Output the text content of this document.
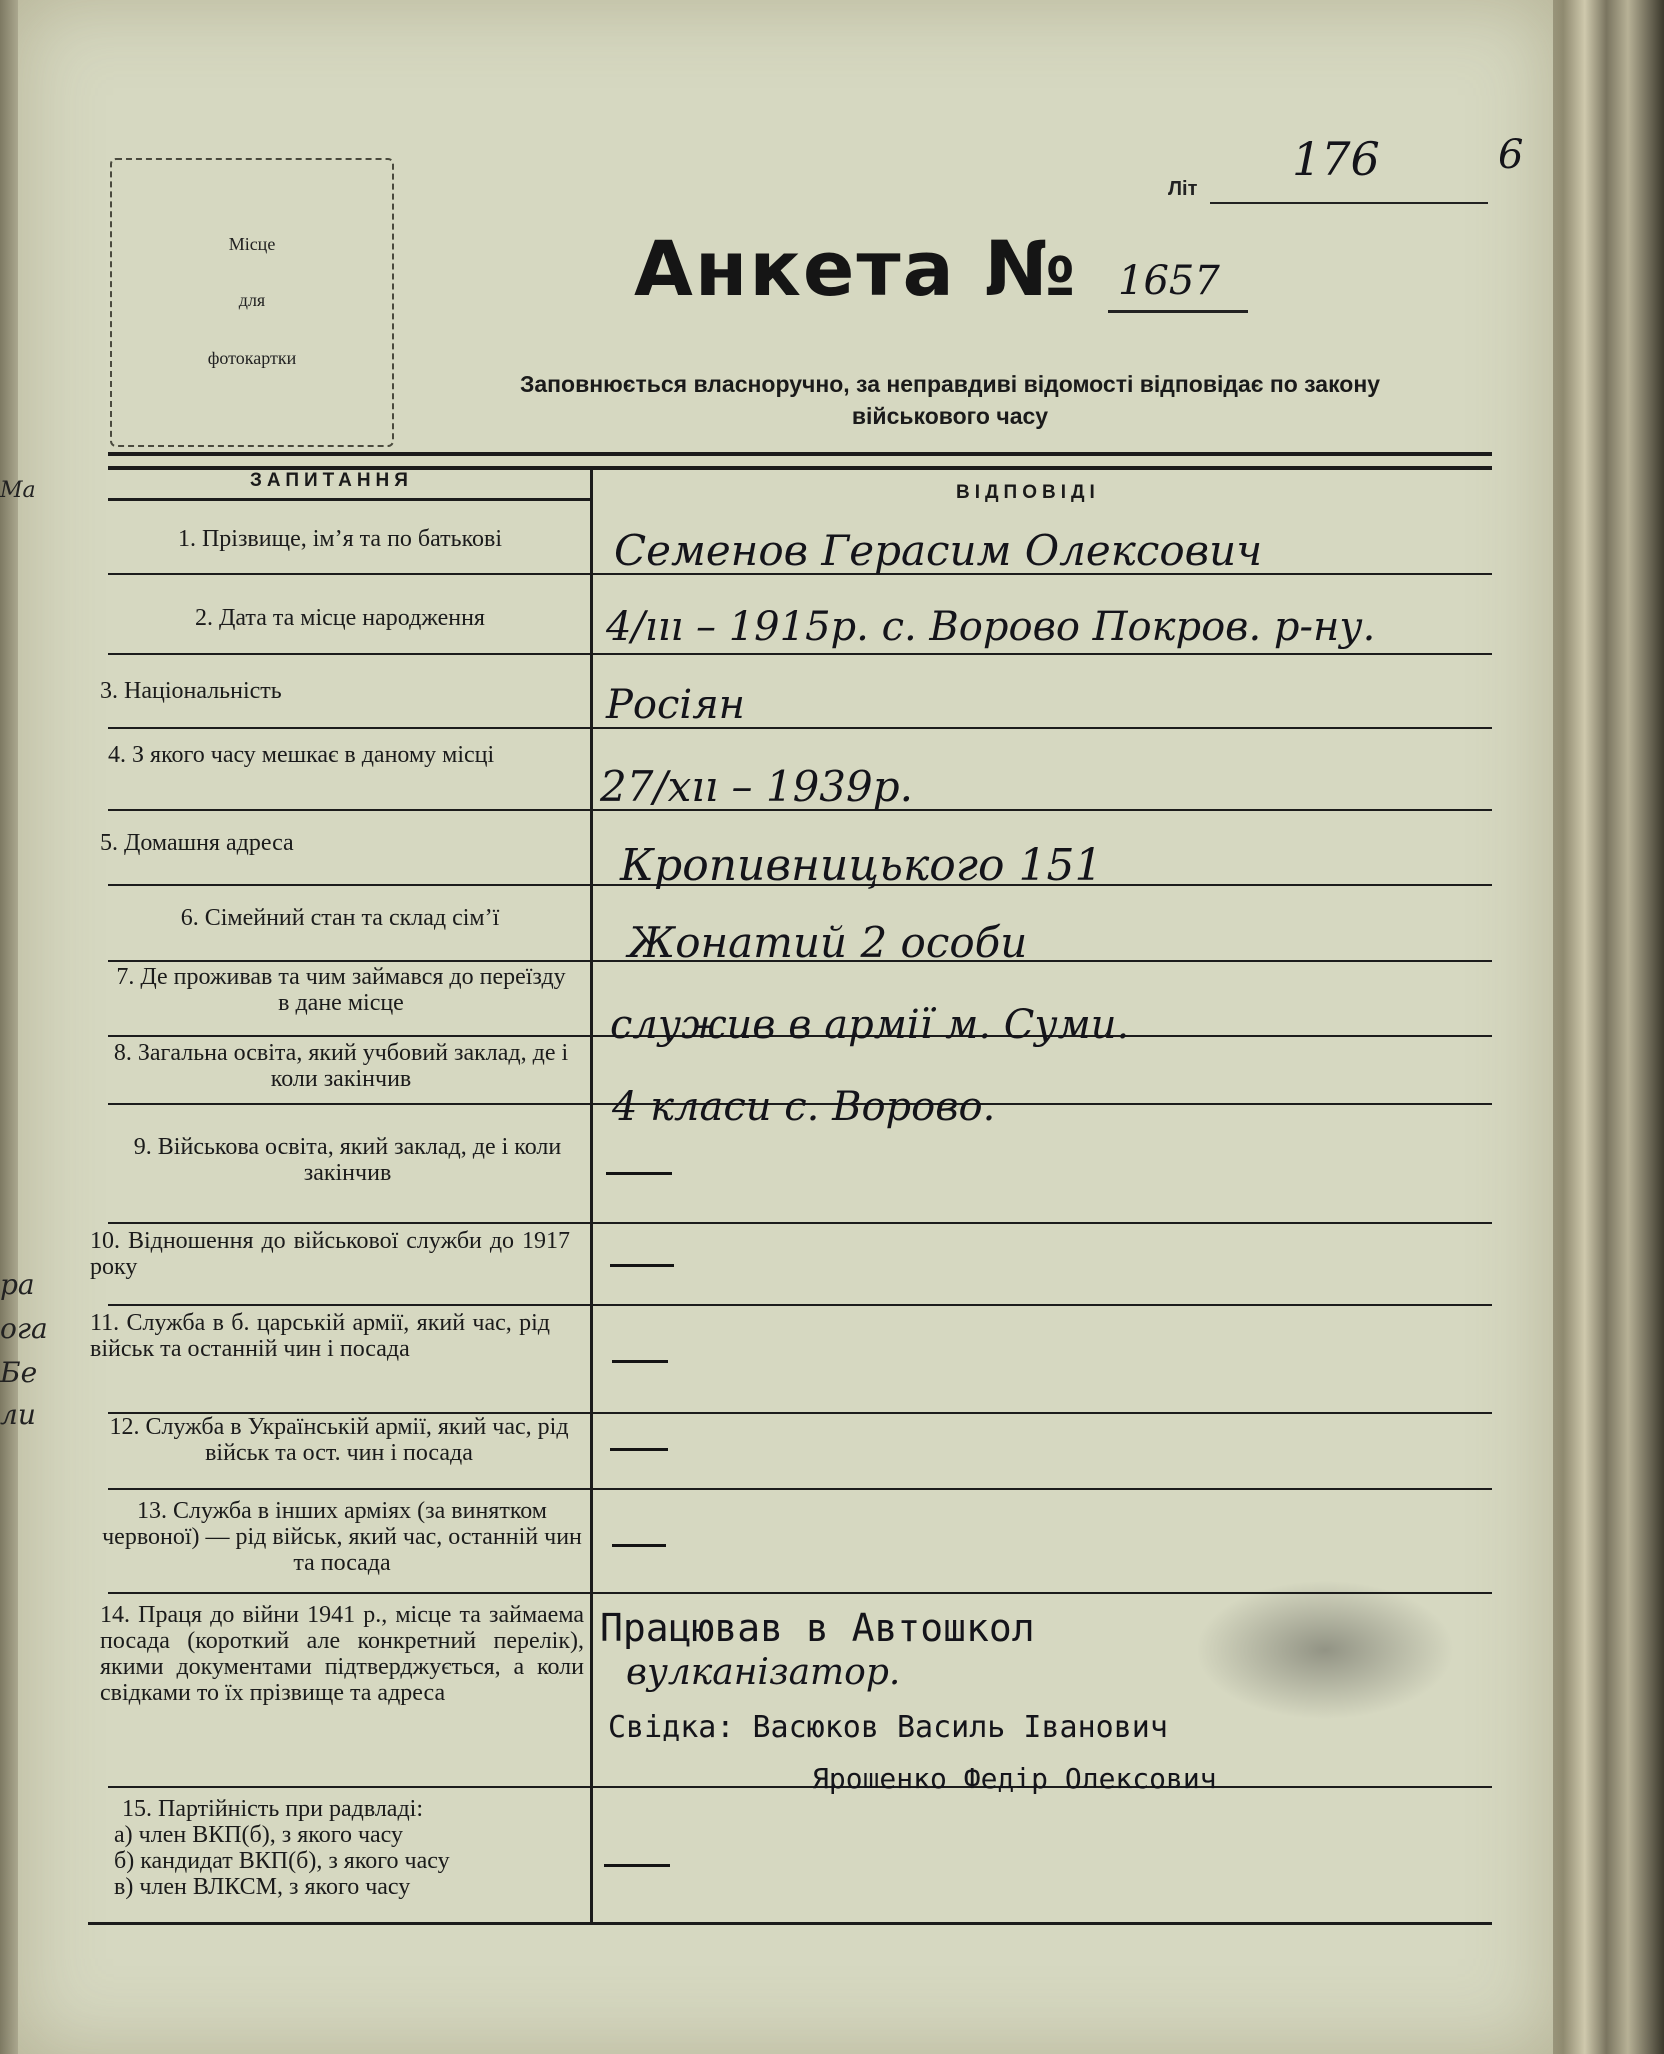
Ма
ра
ога
Бе
ли
Місце
для
фотокартки
Літ
176	6
Анкета № 1657
Заповнюється власноручно, за неправдиві відомості відповідає по закону
військового часу
ЗАПИТАННЯ
ВІДПОВІДІ
1. Прізвище, ім’я та по батькові
2. Дата та місце народження
3. Національність
4. З якого часу мешкає в даному місці
5. Домашня адреса
6. Сімейний стан та склад сім’ї
7. Де проживав та чим займався до переїзду в дане місце
8. Загальна освіта, який учбовий заклад, де і коли закінчив
9. Військова освіта, який заклад, де і коли закінчив
10. Відношення до військової служби до 1917 року
11. Служба в б. царській армії, який час, рід військ та останній чин і посада
12. Служба в Українській армії, який час, рід військ та ост. чин і посада
13. Служба в інших арміях (за винятком червоної) — рід військ, який час, останній чин та посада
14. Праця до війни 1941 р., місце та займаема посада (короткий але конкретний перелік), якими документами підтверджується, а коли свідками то їх прізвище та адреса
15. Партійність при радвладі:
а) член ВКП(б), з якого часу
б) кандидат ВКП(б), з якого часу
в) член ВЛКСМ, з якого часу
Семенов Герасим Олексович
4/ııı – 1915р. с. Ворово Покров. р-ну.
Росіян
27/xıı – 1939р.
Кропивницького 151
Жонатий 2 особи
служив в армії м. Суми.
4 класи с. Ворово.
Працював в Автошкол
вулканізатор.
Свідка: Васюков Василь Іванович
Ярошенко Федір Олексович
